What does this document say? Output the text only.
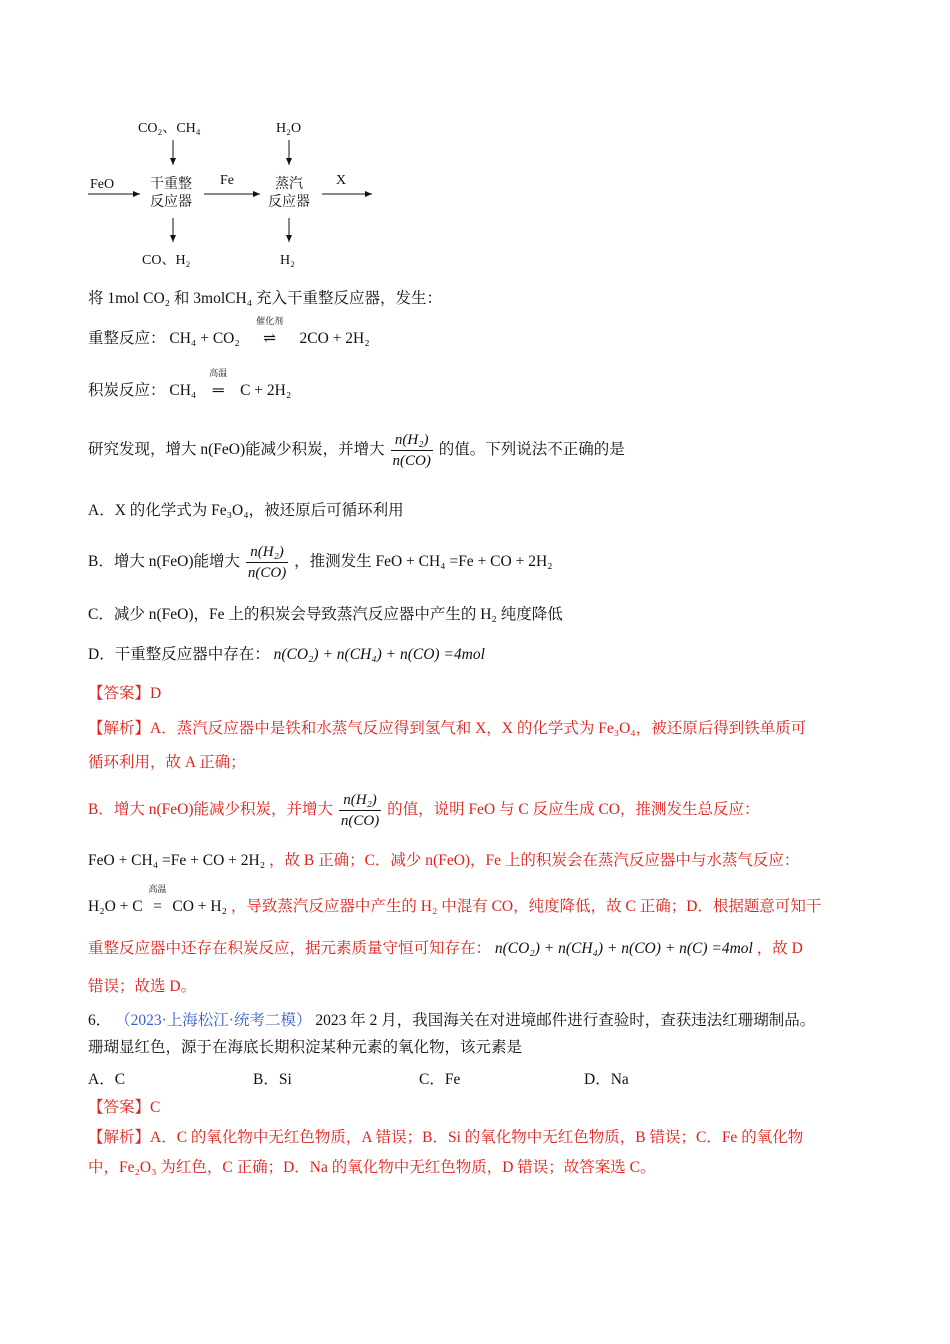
CO₂、CH₄	H₂O
FeO	干重整
反应器
Fe	蒸汽
反应器
X
CO、H₂	H₂
将 1mol CO₂ 和 3molCH₄ 充入干重整反应器，发生：
重整反应： CH₄ + CO₂
催化剂
⇌ 2CO + 2H₂
积炭反应： CH₄
高温
═ C + 2H₂
研究发现，增大 n(FeO)能减少积炭，并增大 $\frac{\text{n(H₂)}}{n(CO)}$ 的值。下列说法不正确的是
A．X 的化学式为 Fe₃O₄，被还原后可循环利用
B．增大 n(FeO)能增大 $\frac{\text{n(H₂)}}{n(CO)}$ ，推测发生 FeO + CH₄ =Fe + CO + 2H₂
C．减少 n(FeO)，Fe 上的积炭会导致蒸汽反应器中产生的 H₂ 纯度降低
D．干重整反应器中存在： n(CO₂) + n(CH₄) + n(CO) =4mol
【答案】D
【解析】A．蒸汽反应器中是铁和水蒸气反应得到氢气和 X，X 的化学式为 Fe₃O₄，被还原后得到铁单质可
循环利用，故 A 正确；
B．增大 n(FeO)能减少积炭，并增大 $\frac{\text{n(H₂)}}{n(CO)}$ 的值，说明 FeO 与 C 反应生成 CO，推测发生总反应：
FeO + CH₄ =Fe + CO + 2H₂ ，故 B 正确；C．减少 n(FeO)，Fe 上的积炭会在蒸汽反应器中与水蒸气反应：
H₂O + C
高温
= CO + H₂ ，导致蒸汽反应器中产生的 H₂ 中混有 CO，纯度降低，故 C 正确；D．根据题意可知干
重整反应器中还存在积炭反应，据元素质量守恒可知存在： n(CO₂) + n(CH₄) + n(CO) + n(C) =4mol ，故 D
错误；故选 D。
6． （2023·上海松江·统考二模） 2023 年 2 月，我国海关在对进境邮件进行查验时，查获违法红珊瑚制品。
珊瑚显红色，源于在海底长期积淀某种元素的氧化物，该元素是
A．C	B．Si	C．Fe	D．Na
【答案】C
【解析】A．C 的氧化物中无红色物质，A 错误；B．Si 的氧化物中无红色物质，B 错误；C．Fe 的氧化物
中，Fe₂O₃ 为红色，C 正确；D．Na 的氧化物中无红色物质，D 错误；故答案选 C。
